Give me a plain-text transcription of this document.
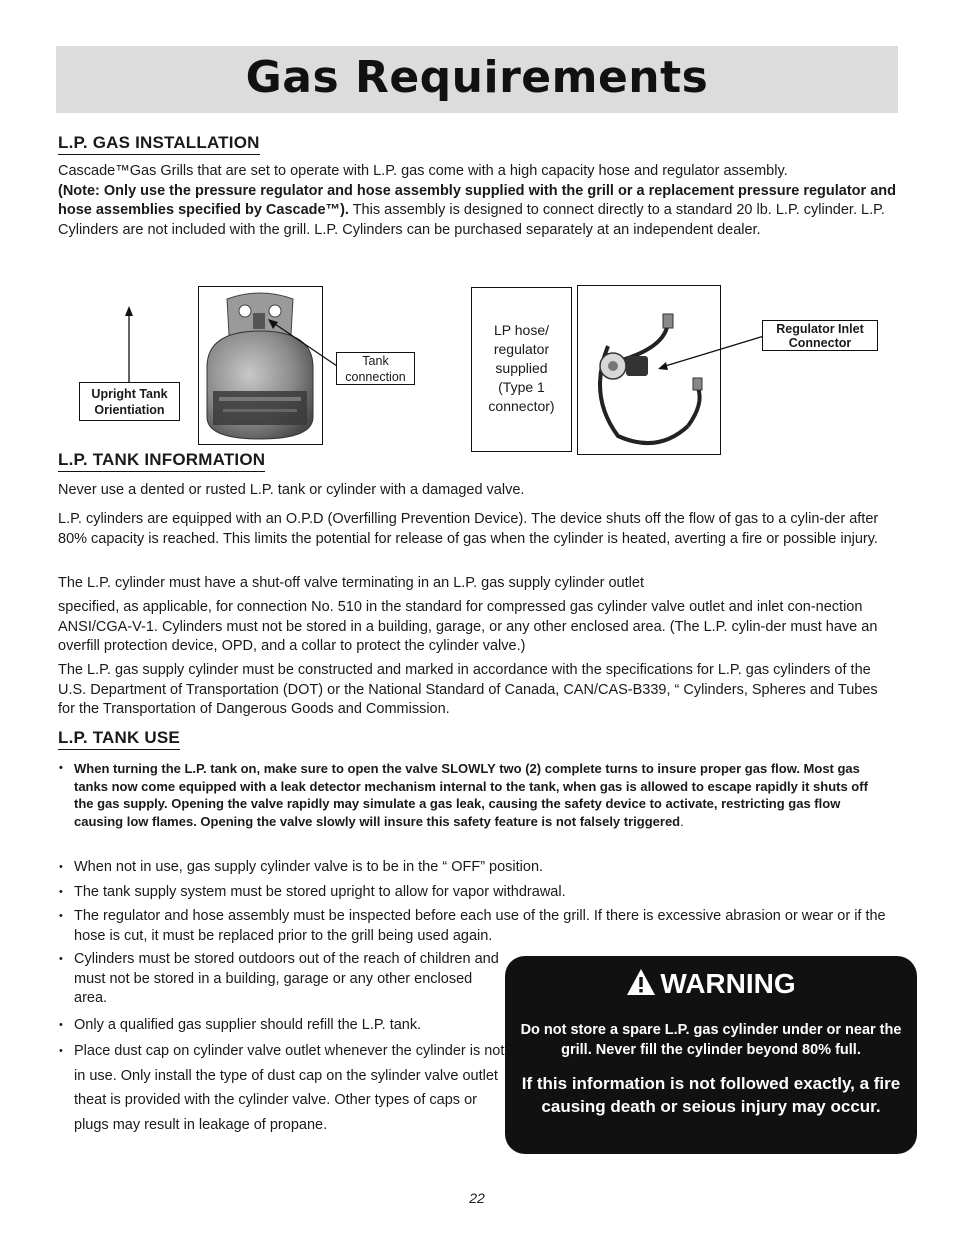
Gas Requirements
L.P. GAS INSTALLATION
Cascade™Gas Grills that are set to operate with L.P. gas come with a high capacity hose and regulator assembly.
(Note: Only use the pressure regulator and hose assembly supplied with the grill or a replacement pressure regulator and hose assemblies specified by Cascade™). This assembly is designed to connect directly to a standard 20 lb. L.P. cylinder. L.P. Cylinders are not included with the grill. L.P. Cylinders can be purchased separately at an independent dealer.
Upright Tank Orientiation
Tank connection
LP hose/ regulator supplied (Type 1 connector)
Regulator Inlet Connector
L.P. TANK INFORMATION
Never use a dented or rusted L.P. tank or cylinder with a damaged valve.
L.P. cylinders are equipped with an O.P.D (Overfilling Prevention Device). The device shuts off the flow of gas to a cylin-der after 80% capacity is reached. This limits the potential for release of gas when the cylinder is heated, averting a fire or possible injury.
The L.P. cylinder must have a shut-off valve terminating in an L.P. gas supply cylinder outlet
specified, as applicable, for connection No. 510 in the standard for compressed gas cylinder valve outlet and inlet con-nection ANSI/CGA-V-1. Cylinders must not be stored in a building, garage, or any other enclosed area. (The L.P. cylin-der must have an overfill protection device, OPD, and a collar to protect the cylinder valve.)
The L.P. gas supply cylinder must be constructed and marked in accordance with the specifications for L.P. gas cylinders of the U.S. Department of Transportation (DOT) or the National Standard of Canada, CAN/CAS-B339, “ Cylinders, Spheres and Tubes for the Transportation of Dangerous Goods and Commission.
L.P. TANK USE
• When turning the L.P. tank on, make sure to open the valve SLOWLY two (2) complete turns to insure proper gas flow. Most gas tanks now come equipped with a leak detector mechanism internal to the tank, when gas is allowed to escape rapidly it shuts off the gas supply. Opening the valve rapidly may simulate a gas leak, causing the safety device to activate, restricting gas flow causing low flames. Opening the valve slowly will insure this safety feature is not falsely triggered.
• When not in use, gas supply cylinder valve is to be in the “ OFF” position.
• The tank supply system must be stored upright to allow for vapor withdrawal.
• The regulator and hose assembly must be inspected before each use of the grill. If there is excessive abrasion or wear or if the hose is cut, it must be replaced prior to the grill being used again.
• Cylinders must be stored outdoors out of the reach of children and must not be stored in a building, garage or any other enclosed area.
• Only a qualified gas supplier should refill the L.P. tank.
• Place dust cap on cylinder valve outlet whenever the cylinder is not in use. Only install the type of dust cap on the sylinder valve outlet theat is provided with the cylinder valve. Other types of caps or plugs may result in leakage of propane.
WARNING
Do not store a spare L.P. gas cylinder under or near the grill. Never fill the cylinder beyond 80% full.
If this information is not followed exactly, a fire causing death or seious injury may occur.
22
